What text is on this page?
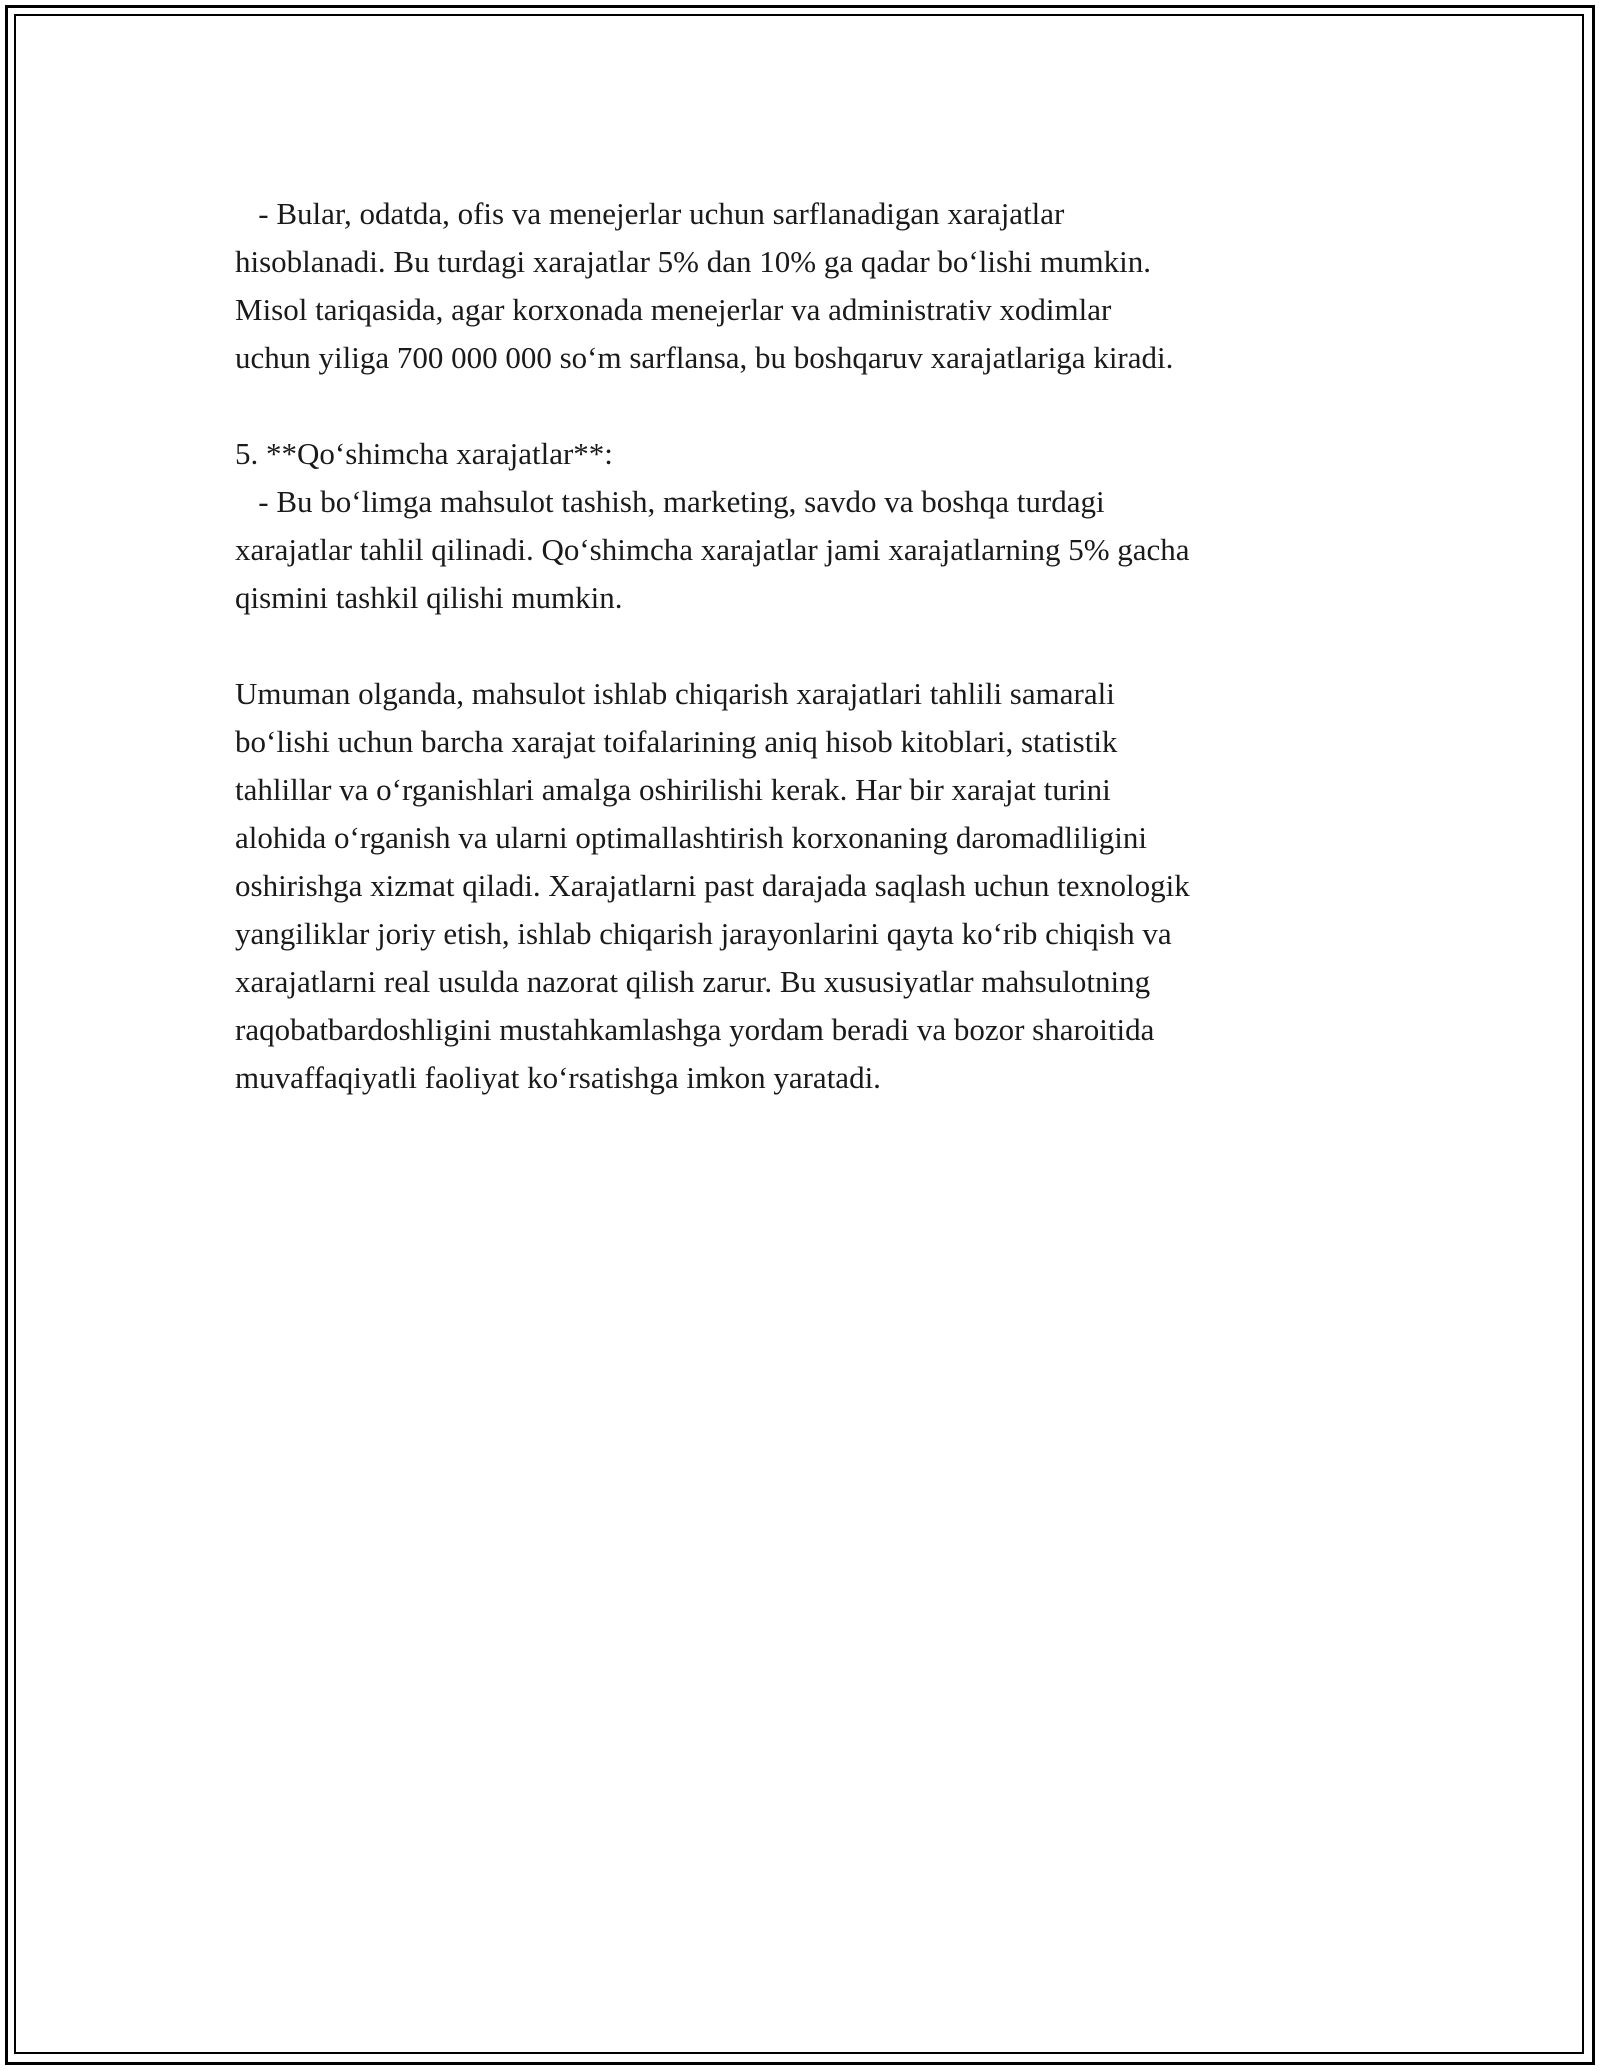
- Bular, odatda, ofis va menejerlar uchun sarflanadigan xarajatlar
hisoblanadi. Bu turdagi xarajatlar 5% dan 10% ga qadar bo‘lishi mumkin.
Misol tariqasida, agar korxonada menejerlar va administrativ xodimlar
uchun yiliga 700 000 000 so‘m sarflansa, bu boshqaruv xarajatlariga kiradi.
5. **Qo‘shimcha xarajatlar**:
- Bu bo‘limga mahsulot tashish, marketing, savdo va boshqa turdagi
xarajatlar tahlil qilinadi. Qo‘shimcha xarajatlar jami xarajatlarning 5% gacha
qismini tashkil qilishi mumkin.
Umuman olganda, mahsulot ishlab chiqarish xarajatlari tahlili samarali
bo‘lishi uchun barcha xarajat toifalarining aniq hisob kitoblari, statistik
tahlillar va o‘rganishlari amalga oshirilishi kerak. Har bir xarajat turini
alohida o‘rganish va ularni optimallashtirish korxonaning daromadliligini
oshirishga xizmat qiladi. Xarajatlarni past darajada saqlash uchun texnologik
yangiliklar joriy etish, ishlab chiqarish jarayonlarini qayta ko‘rib chiqish va
xarajatlarni real usulda nazorat qilish zarur. Bu xususiyatlar mahsulotning
raqobatbardoshligini mustahkamlashga yordam beradi va bozor sharoitida
muvaffaqiyatli faoliyat ko‘rsatishga imkon yaratadi.
